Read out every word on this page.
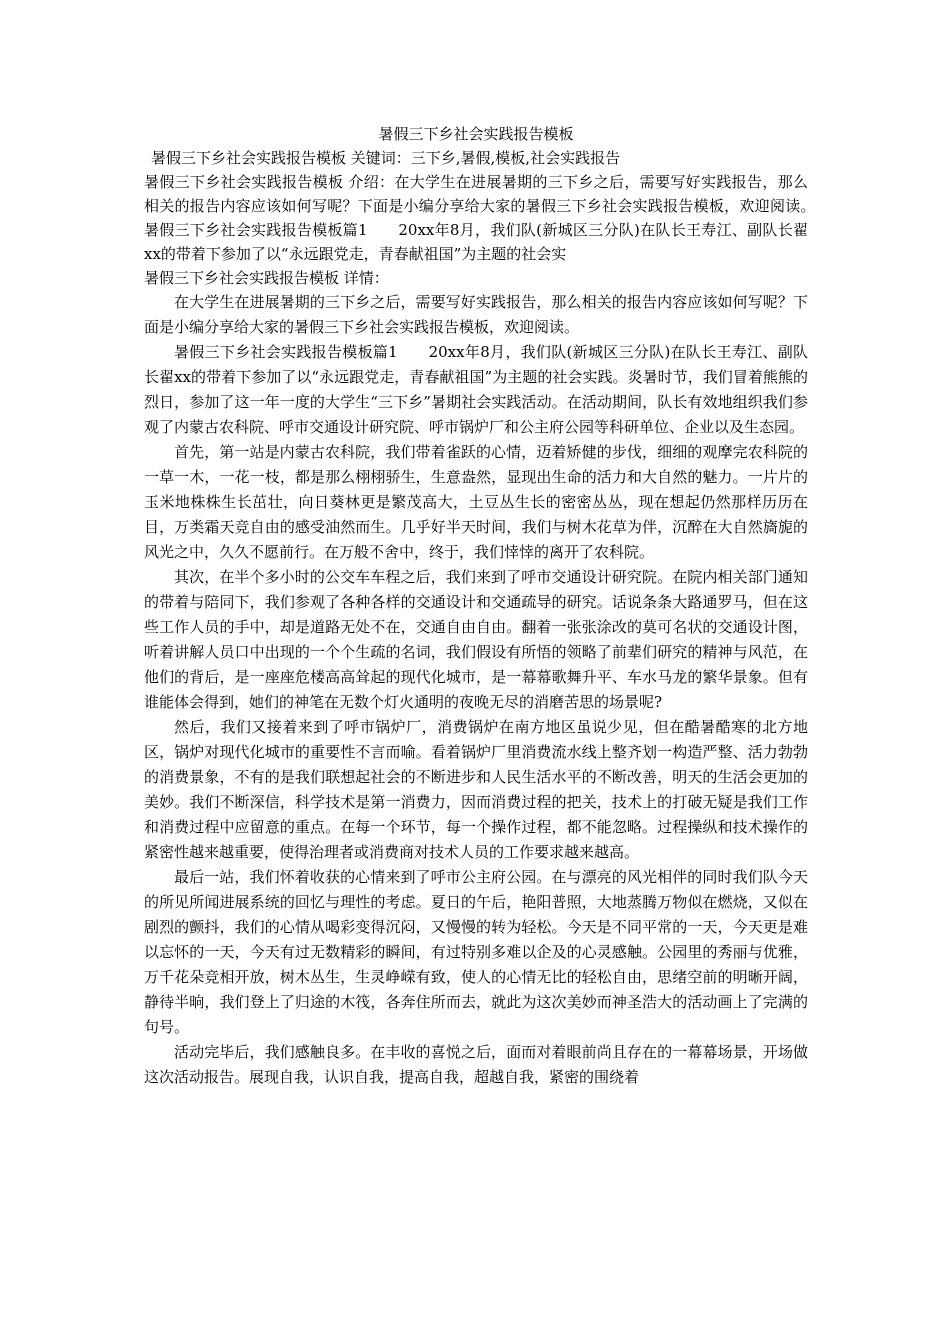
暑假三下乡社会实践报告模板

暑假三下乡社会实践报告模板 关键词：三下乡,暑假,模板,社会实践报告

暑假三下乡社会实践报告模板 介绍：在大学生在进展暑期的三下乡之后，需要写好实践报告，那么相关的报告内容应该如何写呢？下面是小编分享给大家的暑假三下乡社会实践报告模板，欢迎阅读。　　暑假三下乡社会实践报告模板篇1　　20xx年8月，我们队(新城区三分队)在队长王寿江、副队长翟xx的带着下参加了以“永远跟党走，青春献祖国”为主题的社会实

暑假三下乡社会实践报告模板 详情：

在大学生在进展暑期的三下乡之后，需要写好实践报告，那么相关的报告内容应该如何写呢？下面是小编分享给大家的暑假三下乡社会实践报告模板，欢迎阅读。

暑假三下乡社会实践报告模板篇1　　20xx年8月，我们队(新城区三分队)在队长王寿江、副队长翟xx的带着下参加了以“永远跟党走，青春献祖国”为主题的社会实践。炎暑时节，我们冒着熊熊的烈日，参加了这一年一度的大学生“三下乡”暑期社会实践活动。在活动期间，队长有效地组织我们参观了内蒙古农科院、呼市交通设计研究院、呼市锅炉厂和公主府公园等科研单位、企业以及生态园。

首先，第一站是内蒙古农科院，我们带着雀跃的心情，迈着矫健的步伐，细细的观摩完农科院的一草一木，一花一枝，都是那么栩栩骄生，生意盎然，显现出生命的活力和大自然的魅力。一片片的玉米地株株生长茁壮，向日葵林更是繁茂高大，土豆丛生长的密密丛丛，现在想起仍然那样历历在目，万类霜天竞自由的感受油然而生。几乎好半天时间，我们与树木花草为伴，沉醉在大自然旖旎的风光之中，久久不愿前行。在万般不舍中，终于，我们悻悻的离开了农科院。

其次，在半个多小时的公交车车程之后，我们来到了呼市交通设计研究院。在院内相关部门通知的带着与陪同下，我们参观了各种各样的交通设计和交通疏导的研究。话说条条大路通罗马，但在这些工作人员的手中，却是道路无处不在，交通自由自由。翻着一张张涂改的莫可名状的交通设计图，听着讲解人员口中出现的一个个生疏的名词，我们假设有所悟的领略了前辈们研究的精神与风范，在他们的背后，是一座座危楼高高耸起的现代化城市，是一幕幕歌舞升平、车水马龙的繁华景象。但有谁能体会得到，她们的神笔在无数个灯火通明的夜晚无尽的消磨苦思的场景呢?

然后，我们又接着来到了呼市锅炉厂，消费锅炉在南方地区虽说少见，但在酷暑酷寒的北方地区，锅炉对现代化城市的重要性不言而喻。看着锅炉厂里消费流水线上整齐划一构造严整、活力勃勃的消费景象，不有的是我们联想起社会的不断进步和人民生活水平的不断改善，明天的生活会更加的美妙。我们不断深信，科学技术是第一消费力，因而消费过程的把关，技术上的打破无疑是我们工作和消费过程中应留意的重点。在每一个环节，每一个操作过程，都不能忽略。过程操纵和技术操作的紧密性越来越重要，使得治理者或消费商对技术人员的工作要求越来越高。

最后一站，我们怀着收获的心情来到了呼市公主府公园。在与漂亮的风光相伴的同时我们队今天的所见所闻进展系统的回忆与理性的考虑。夏日的午后，艳阳普照，大地蒸腾万物似在燃烧，又似在剧烈的颤抖，我们的心情从喝彩变得沉闷，又慢慢的转为轻松。今天是不同平常的一天，今天更是难以忘怀的一天，今天有过无数精彩的瞬间，有过特别多难以企及的心灵感触。公园里的秀丽与优雅，万千花朵竞相开放，树木丛生，生灵峥嵘有致，使人的心情无比的轻松自由，思绪空前的明晰开阔，静待半晌，我们登上了归途的木筏，各奔住所而去，就此为这次美妙而神圣浩大的活动画上了完满的句号。

活动完毕后，我们感触良多。在丰收的喜悦之后，面而对着眼前尚且存在的一幕幕场景，开场做这次活动报告。展现自我，认识自我，提高自我，超越自我，紧密的围绕着
